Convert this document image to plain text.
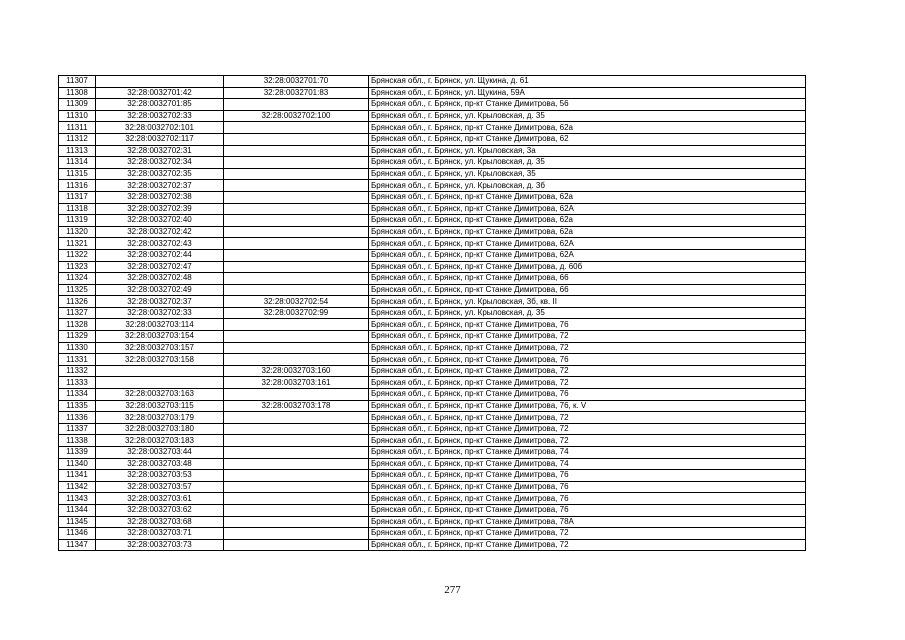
11307		32:28:0032701:70	Брянская обл., г. Брянск, ул. Щукина, д. 61
11308	32:28:0032701:42	32:28:0032701:83	Брянская обл., г. Брянск, ул. Щукина, 59А
11309	32:28:0032701:85		Брянская обл., г. Брянск, пр-кт Станке Димитрова, 56
11310	32:28:0032702:33	32:28:0032702:100	Брянская обл., г. Брянск, ул. Крыловская, д. 35
11311	32:28:0032702:101		Брянская обл., г. Брянск, пр-кт Станке Димитрова, 62а
11312	32:28:0032702:117		Брянская обл., г. Брянск, пр-кт Станке Димитрова, 62
11313	32:28:0032702:31		Брянская обл., г. Брянск, ул. Крыловская, 3а
11314	32:28:0032702:34		Брянская обл., г. Брянск, ул. Крыловская, д. 35
11315	32:28:0032702:35		Брянская обл., г. Брянск, ул. Крыловская, 35
11316	32:28:0032702:37		Брянская обл., г. Брянск, ул. Крыловская, д. 3б
11317	32:28:0032702:38		Брянская обл., г. Брянск, пр-кт Станке Димитрова, 62а
11318	32:28:0032702:39		Брянская обл., г. Брянск, пр-кт Станке Димитрова, 62А
11319	32:28:0032702:40		Брянская обл., г. Брянск, пр-кт Станке Димитрова, 62а
11320	32:28:0032702:42		Брянская обл., г. Брянск, пр-кт Станке Димитрова, 62а
11321	32:28:0032702:43		Брянская обл., г. Брянск, пр-кт Станке Димитрова, 62А
11322	32:28:0032702:44		Брянская обл., г. Брянск, пр-кт Станке Димитрова, 62А
11323	32:28:0032702:47		Брянская обл., г. Брянск, пр-кт Станке Димитрова, д. 60б
11324	32:28:0032702:48		Брянская обл., г. Брянск, пр-кт Станке Димитрова, 66
11325	32:28:0032702:49		Брянская обл., г. Брянск, пр-кт Станке Димитрова, 66
11326	32:28:0032702:37	32:28:0032702:54	Брянская обл., г. Брянск, ул. Крыловская, 3б, кв. II
11327	32:28:0032702:33	32:28:0032702:99	Брянская обл., г. Брянск, ул. Крыловская, д. 35
11328	32:28:0032703:114		Брянская обл., г. Брянск, пр-кт Станке Димитрова, 76
11329	32:28:0032703:154		Брянская обл., г. Брянск, пр-кт Станке Димитрова, 72
11330	32:28:0032703:157		Брянская обл., г. Брянск, пр-кт Станке Димитрова, 72
11331	32:28:0032703:158		Брянская обл., г. Брянск, пр-кт Станке Димитрова, 76
11332		32:28:0032703:160	Брянская обл., г. Брянск, пр-кт Станке Димитрова, 72
11333		32:28:0032703:161	Брянская обл., г. Брянск, пр-кт Станке Димитрова, 72
11334	32:28:0032703:163		Брянская обл., г. Брянск, пр-кт Станке Димитрова, 76
11335	32:28:0032703:115	32:28:0032703:178	Брянская обл., г. Брянск, пр-кт Станке Димитрова, 76, к. V
11336	32:28:0032703:179		Брянская обл., г. Брянск, пр-кт Станке Димитрова, 72
11337	32:28:0032703:180		Брянская обл., г. Брянск, пр-кт Станке Димитрова, 72
11338	32:28:0032703:183		Брянская обл., г. Брянск, пр-кт Станке Димитрова, 72
11339	32:28:0032703:44		Брянская обл., г. Брянск, пр-кт Станке Димитрова, 74
11340	32:28:0032703:48		Брянская обл., г. Брянск, пр-кт Станке Димитрова, 74
11341	32:28:0032703:53		Брянская обл., г. Брянск, пр-кт Станке Димитрова, 76
11342	32:28:0032703:57		Брянская обл., г. Брянск, пр-кт Станке Димитрова, 76
11343	32:28:0032703:61		Брянская обл., г. Брянск, пр-кт Станке Димитрова, 76
11344	32:28:0032703:62		Брянская обл., г. Брянск, пр-кт Станке Димитрова, 76
11345	32:28:0032703:68		Брянская обл., г. Брянск, пр-кт Станке Димитрова, 78А
11346	32:28:0032703:71		Брянская обл., г. Брянск, пр-кт Станке Димитрова, 72
11347	32:28:0032703:73		Брянская обл., г. Брянск, пр-кт Станке Димитрова, 72
277
